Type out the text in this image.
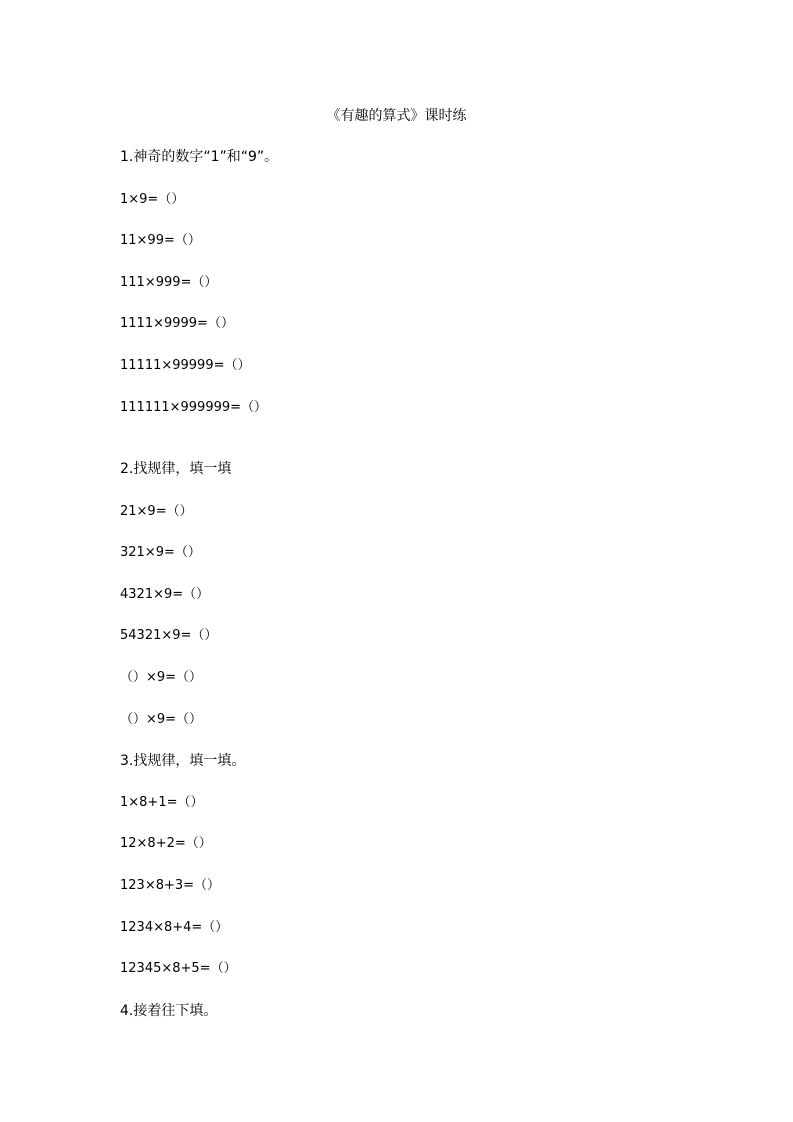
《有趣的算式》课时练
1.神奇的数字“1”和“9”。
1×9=（）
11×99=（）
111×999=（）
1111×9999=（）
11111×99999=（）
111111×999999=（）
2.找规律，填一填
21×9=（）
321×9=（）
4321×9=（）
54321×9=（）
（）×9=（）
（）×9=（）
3.找规律，填一填。
1×8+1=（）
12×8+2=（）
123×8+3=（）
1234×8+4=（）
12345×8+5=（）
4.接着往下填。
